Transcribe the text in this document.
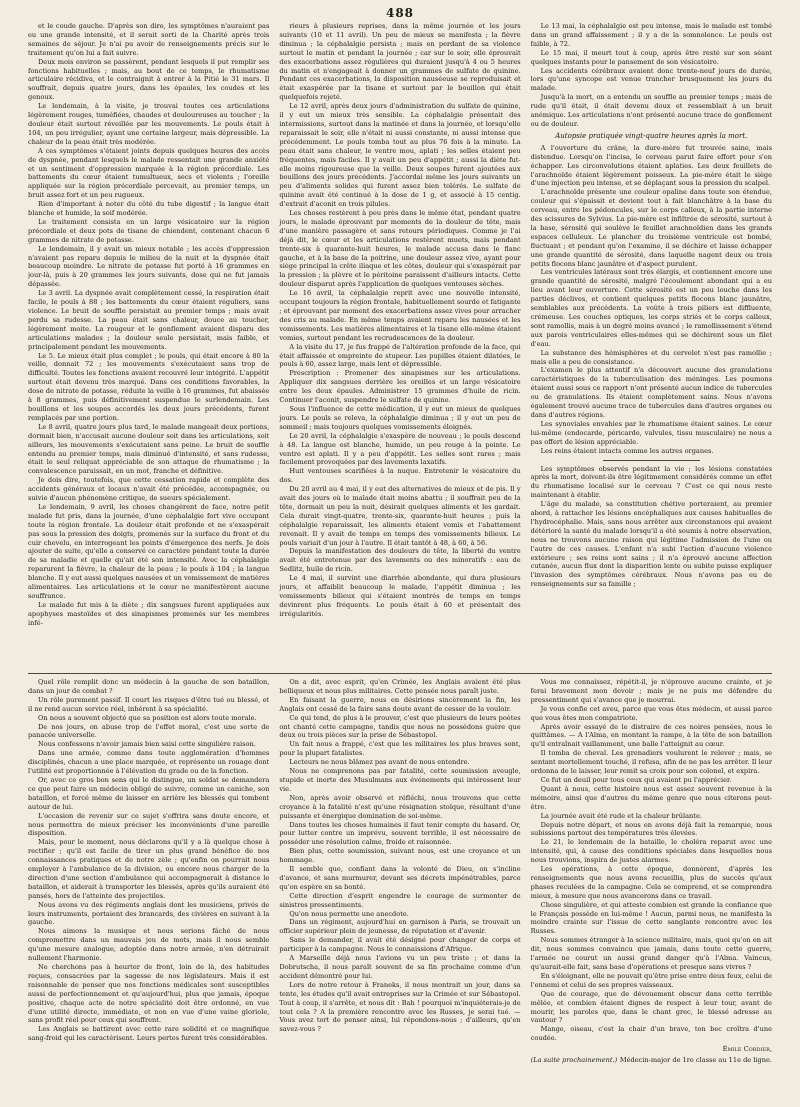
488

et le coude gauche. D'après son dire, les symptômes n'auraient pas eu une grande intensité, et il serait sorti de la Charité après trois semaines de séjour. Je n'ai pu avoir de renseignements précis sur le traitement qu'on lui a fait suivre.

Deux mois environ se passèrent, pendant lesquels il put remplir ses fonctions habituelles ; mais, au bout de ce temps, le rhumatisme articulaire récidiva, et le contraignit à entrer à la Pitié le 31 mars. Il souffrait, depuis quatre jours, dans les épaules, les coudes et les genoux.

Le lendemain, à la visite, je trouvai toutes ces articulations légèrement rouges, tuméfiées, chaudes et douloureuses au toucher ; la douleur était surtout réveillée par les mouvements. Le pouls était à 104, un peu irrégulier, ayant une certaine largeur, mais dépressible. La chaleur de la peau était très modérée.

A ces symptômes s'étaient joints depuis quelques heures des accès de dyspnée, pendant lesquels le malade ressentait une grande anxiété et un sentiment d'oppression marquée à la région précordiale. Les battements du cœur étaient tumultueux, secs et violents ; l'oreille appliquée sur la région précordiale percevait, au premier temps, un bruit assez fort et un peu rugueux.

Rien d'important à noter du côté du tube digestif ; la langue était blanche et humide, la soif modérée.

Le traitement consista en un large vésicatoire sur la région précordiale et deux pots de tisane de chiendent, contenant chacun 6 grammes de nitrate de potasse.

Le lendemain, il y avait un mieux notable ; les accès d'oppression n'avaient pas reparu depuis le milieu de la nuit et la dyspnée était beaucoup moindre. Le nitrate de potasse fut porté à 16 grammes en jour-là, puis à 20 grammes les jours suivants, dose qui ne fut jamais dépassée.

Le 3 avril. La dyspnée avait complètement cessé, la respiration était facile, le pouls à 88 ; les battements du cœur étaient réguliers, sans violence. Le bruit de souffle persistait au premier temps ; mais avait perdu sa rudesse. La peau était sans chaleur, douce au toucher, légèrement moite. La rougeur et le gonflement avaient disparu des articulations malades ; la douleur seule persistait, mais faible, et principalement pendant les mouvements.

Le 5. Le mieux était plus complet ; le pouls, qui était encore à 80 la veille, donnait 72 ; les mouvements s'exécutaient sans trop de difficulté. Toutes les fonctions avaient recouvré leur intégrité. L'appétit surtout était devenu très marqué. Dans ces conditions favorables, la dose de nitrate de potasse, réduite la veille à 16 grammes, fut abaissée à 8 grammes, puis définitivement suspendue le surlendemain. Les bouillons et les soupes accordés les deux jours précédents, furent remplacés par une portion.

Le 8 avril, quatre jours plus tard, le malade mangeait deux portions, dormait bien, n'accusait aucune douleur soit dans les articulations, soit ailleurs, les mouvements s'exécutaient sans peine. Le bruit de souffle entendu au premier temps, mais diminué d'intensité, et sans rudesse, était le seul reliquat appréciable de son attaque de rhumatisme ; la convalescence paraissait, en un mot, franche et définitive.

Je dois dire, toutefois, que cette cessation rapide et complète des accidents généraux et locaux n'avait été précédée, accompagnée, ou suivie d'aucun phénomène critique, de sueurs spécialement.

Le lendemain, 9 avril, les choses changèrent de face, notre petit malade fut pris, dans la journée, d'une céphalalgie fort vive occupant toute la région frontale. La douleur était profonde et ne s'exaspérait pas sous la pression des doigts, promenés sur la surface du front et du cuir chevelu, en interrogeant les points d'émergence des nerfs. Je dois ajouter de suite, qu'elle a conservé ce caractère pendant toute la durée de sa maladie et quelle qu'ait été son intensité. Avec la céphalalgie reparurent la fièvre, la chaleur de la peau ; le pouls à 104 ; la langue blanche. Il y eut aussi quelques nausées et un vomissement de matières alimentaires. Les articulations et le cœur ne manifestèrent aucune souffrance.

Le malade fut mis à la diète ; dix sangsues furent appliquées aux apophyses mastoïdes et des sinapismes promenés sur les membres infé-

rieurs à plusieurs reprises, dans la même journée et les jours suivants (10 et 11 avril). Un peu de mieux se manifesta ; la fièvre diminua ; la céphalalgie persista ; mais en perdant de sa violence surtout le matin et pendant la journée ; car sur le soir, elle éprouvait des exacerbations assez régulières qui duraient jusqu'à 4 ou 5 heures du matin et n'engageait à donner un grammes de sulfate de quinine. Pendant ces exacerbations, la disposition nauséeuse se reproduisait et était exaspérée par la tisane et surtout par le bouillon qui était quelquefois rejeté.

Le 12 avril, après deux jours d'administration du sulfate de quinine, il y eut un mieux très sensible. La céphalalgie présentait des intermissions, surtout dans la matinée et dans la journée, et lorsqu'elle reparaissait le soir, elle n'était ni aussi constante, ni aussi intense que précédemment. Le pouls tomba tout au plus 76 fois à la minute. La peau était sans chaleur, le ventre mou, aplati ; les selles étaient peu fréquentes, mais faciles. Il y avait un peu d'appétit ; aussi la diète fut-elle moins rigoureuse que la veille. Deux soupes furent ajoutées aux bouillons des jours précédents. J'accordai même les jours suivants un peu d'aliments solides qui furent assez bien tolérés. Le sulfate de quinine avait été continué à la dose de 1 g, et associé à 15 centig. d'extrait d'aconit en trois pilules.

Les choses restèrent à peu près dans le même état, pendant quatre jours, le malade éprouvant par moments de la douleur de tête, mais d'une manière passagère et sans retours périodiques. Comme je l'ai déjà dit, le cœur et les articulations restèrent muets, mais pendant trente-six à quarante-huit heures, le malade accusa dans le flanc gauche, et à la base de la poitrine, une douleur assez vive, ayant pour siège principal la crête iliaque et les côtes, douleur qui s'exaspérait par la pression ; la plèvre et le péritoine paraissent d'ailleurs intacts. Cette douleur disparut après l'application de quelques ventouses sèches.

Le 16 avril, la céphalalgie reprit avec une nouvelle intensité, occupant toujours la région frontale, habituellement sourde et fatigante ; et éprouvant par moment des exacerbations assez vives pour arracher des cris au malade. En même temps avaient reparu les nausées et les vomissements. Les matières alimentaires et la tisane elle-même étaient vomies, surtout pendant les recrudescences de la douleur.

A la visite du 17, je fus frappé de l'altération profonde de la face, qui était affaissée et empreinte de stupeur. Les pupilles étaient dilatées, le pouls à 60, assez large, mais lent et dépressible.

Prescription : Promener des sinapismes sur les articulations. Appliquer dix sangsues derrière les oreilles et un large vésicatoire entre les deux épaules. Administrer 15 grammes d'huile de ricin. Continuer l'aconit, suspendre le sulfate de quinine.

Sous l'influence de cette médication, il y eut un mieux de quelques jours. Le pouls se releva, la céphalalgie diminua ; il y eut un peu de sommeil ; mais toujours quelques vomissements éloignés.

Le 20 avril, la céphalalgie s'exaspère de nouveau ; le pouls descend à 48. La langue est blanche, humide, un peu rouge à la pointe. Le ventre est aplati. Il y a peu d'appétit. Les selles sont rares ; mais facilement provoquées par des lavements laxatifs.

Huit ventouses scarifiées à la nuque. Entretenir le vésicatoire du dos.

Du 20 avril au 4 mai, il y eut des alternatives de mieux et de pis. Il y avait des jours où le malade était moins abattu ; il souffrait peu de la tête, dormait un peu la nuit, désirait quelques aliments et les gardait. Cela durait vingt-quatre, trente-six, quarante-huit heures ; puis la céphalalgie reparaissait, les aliments étaient vomis et l'abattement revenait. Il y avait de temps en temps des vomissements bilieux. Le pouls variait d'un jour à l'autre. Il était tantôt à 48, à 60, à 56.

Depuis la manifestation des douleurs de tête, la liberté du ventre avait été entretenue par des lavements ou des minoratifs : eau de Sedlitz, huile de ricin.

Le 4 mai, il survint une diarrhée abondante, qui dura plusieurs jours, et affaiblit beaucoup le malade, l'appétit diminua ; les vomissements bilieux qui s'étaient montrés de temps en temps devinrent plus fréquents. Le pouls était à 60 et présentait des irrégularités.

Le 13 mai, la céphalalgie est peu intense, mais le malade est tombé dans un grand affaissement ; il y a de la somnolence. Le pouls est faible, à 72.

Le 15 mai, il meurt tout à coup, après être resté sur son séant quelques instants pour le pansement de son vésicatoire.

Les accidents cérébraux avaient donc trente-neuf jours de durée, lors qu'une syncope est venue trancher brusquement les jours du malade.

Jusqu'à la mort, on a entendu un souffle au premier temps ; mais de rude qu'il était, il était devenu doux et ressemblait à un bruit anémique. Les articulations n'ont présenté aucune trace de gonflement ou de douleur.

Autopsie pratiquée vingt-quatre heures après la mort.

A l'ouverture du crâne, la dure-mère fut trouvée saine, mais distendue. Lorsqu'on l'incisa, le cerveau parut faire effort pour s'en échapper. Les circonvolutions étaient aplaties. Les deux feuillets de l'arachnoïde étaient légèrement poisseux. La pie-mère était le siège d'une injection peu intense, et se déplaçant sous la pression du scalpel.

L'arachnoïde présente une couleur opaline dans toute son étendue, couleur qui s'épaissit et devient tout à fait blanchâtre à la base du cerveau, entre les pédoncules, sur le corps calleux, à la partie interne des scissures de Sylvius. La pie-mère est infiltrée de sérosité, surtout à la base, sérosité qui soulève le feuillet arachnoïdien dans les grands espaces celluleux. Le plancher du troisième ventricule est bombé, fluctuant ; et pendant qu'on l'examine, il se déchire et laisse échapper une grande quantité de sérosité, dans laquelle nagent deux ou trois petits flocons blanc jaunâtre et d'aspect purulent.

Les ventricules latéraux sont très élargis, et contiennent encore une grande quantité de sérosité, malgré l'écoulement abondant qui a eu lieu avant leur ouverture. Cette sérosité est un peu louche dans les parties déclives, et contient quelques petits flocons blanc jaunâtre, semblables aux précédents. La voûte à trois piliers est diffluente, crémeuse. Les couches optiques, les corps striés et le corps calleux, sont ramollis, mais à un degré moins avancé ; le ramollissement s'étend aux parois ventriculaires elles-mêmes qui se déchirent sous un filet d'eau.

La substance des hémisphères et du cervelet n'est pas ramollie ; mais elle a peu de consistance.

L'examen le plus attentif n'a découvert aucune des granulations caractéristiques de la tuberculisation des méninges. Les poumons étaient aussi sous ce rapport n'ont présenté aucun indice de tubercules ou de granulations. Ils étaient complètement sains. Nous n'avons également trouvé aucune trace de tubercules dans d'autres organes ou dans d'autres régions.

Les synoviales envahies par le rhumatisme étaient saines. Le cœur lui-même (endocarde, péricarde, valvules, tissu musculaire) ne nous a pas offert de lésion appréciable.

Les reins étaient intacts comme les autres organes.

Les symptômes observés pendant la vie ; les lésions constatées après la mort, doivent-ils être légitimement considérés comme un effet du rhumatisme localisé sur le cerveau ? C'est ce qui nous reste maintenant à établir.

L'âge du malade, sa constitution chétive porteraient, au premier abord, à rattacher les lésions encéphaliques aux causes habituelles de l'hydrocéphalie. Mais, sans nous arrêter aux circonstances qui avaient détérioré la santé du malade lorsqu'il a été soumis à notre observation, nous ne trouvons aucune raison qui légitime l'admission de l'une ou l'autre de ces causes. L'enfant n'a subi l'action d'aucune violence extérieure ; ses reins sont sains ; il n'a éprouvé aucune affection cutanée, aucun flux dont la disparition lente ou subite puisse expliquer l'invasion des symptômes cérébraux. Nous n'avons pas eu de renseignements sur sa famille ;

Quel rôle remplit donc un médecin à la gauche de son bataillon, dans un jour de combat ?

Un rôle purement passif. Il court les risques d'être tué ou blessé, et il ne rend aucun service réel, inhérent à sa spécialité.

On nous a souvent objecté que sa position est alors toute morale.

De nos jours, on abuse trop de l'effet moral, c'est une sorte de panacée universelle.

Nous confessons n'avoir jamais bien saisi cette singulière raison.

Dans une armée, comme dans toute agglomération d'hommes disciplinés, chacun a une place marquée, et représente un rouage dont l'utilité est proportionnée à l'élévation du grade ou de la fonction.

Or, avec ce gros bon sens qui le distingue, un soldat se demandera ce que peut faire un médecin obligé de suivre, comme un caniche, son bataillon, et forcé même de laisser en arrière les blessés qui tombent autour de lui.

L'occasion de revenir sur ce sujet s'offrira sans doute encore, et nous permettra de mieux préciser les inconvénients d'une pareille disposition.

Mais, pour le moment, nous déclarons qu'il y a là quelque chose à rectifier ; qu'il est facile de tirer un plus grand bénéfice de nos connaissances pratiques et de notre zèle ; qu'enfin on pourrait nous employer à l'ambulance de la division, ou encore nous charger de la direction d'une section d'ambulance qui accompagnerait à distance le bataillon, et aiderait à transporter les blessés, après qu'ils auraient été pansés, hors de l'atteinte des projectiles.

Nous avons vu des régiments anglais dont les musiciens, privés de leurs instruments, portaient des brancards, des civières en suivant à la gauche.

Nous aimons la musique et nous serions fâché de nous compromettre dans un mauvais jeu de mots, mais il nous semble qu'une mesure analogue, adoptée dans notre armée, n'en détruirait nullement l'harmonie.

Ne cherchons pas à heurter de front, loin de là, des habitudes reçues, consacrées par la sagesse de nos législateurs. Mais il est raisonnable de penser que nos fonctions médicales sont susceptibles aussi de perfectionnement et qu'aujourd'hui, plus que jamais, époque positive, chaque acte de notre spécialité doit être ordonné, en vue d'une utilité directe, immédiate, et non en vue d'une vaine gloriole, sans profit réel pour ceux qui souffrent.

Les Anglais se battirent avec cette rare solidité et ce magnifique sang-froid qui les caractérisent. Leurs pertes furent très considérables.

On a dit, avec esprit, qu'en Crimée, les Anglais avaient été plus belliqueux et nous plus militaires. Cette pensée nous paraît juste.

En faisant la guerre, nous en désirions sincèrement la fin, les Anglais ont cessé de la faire sans doute avant de cesser de la vouloir.

Ce qui tend, de plus à le prouver, c'est que plusieurs de leurs poètes ont chanté cette campagne, tandis que nous ne possédons guère que deux ou trois pièces sur la prise de Sébastopol.

Un fait nous a frappé, c'est que les militaires les plus braves sont, pour la plupart fatalistes.

Lecteurs ne nous blâmez pas avant de nous entendre.

Nous ne comprenons pas par fatalité, cette soumission aveugle, stupide et inerte des Musulmans aux événements qui intéressent leur vie.

Non, après avoir observé et réfléchi, nous trouvons que cette croyance à la fatalité n'est qu'une résignation stoïque, résultant d'une puissante et énergique domination de soi-même.

Dans toutes les choses humaines il faut tenir compte du hasard. Or, pour lutter contre un imprévu, souvent terrible, il est nécessaire de posséder une résolution calme, froide et raisonnée.

Bien plus, cette soumission, suivant nous, est une croyance et un hommage.

Il semble que, confiant dans la volonté de Dieu, on s'incline d'avance, et sans murmurer, devant ses décrets impénétrables, parce qu'on espère en sa bonté.

Cette direction d'esprit engendre le courage de surmonter de sinistres pressentiments.

Qu'on nous permette une anecdote.

Dans un régiment, aujourd'hui en garnison à Paris, se trouvait un officier supérieur plein de jeunesse, de réputation et d'avenir.

Sans le demander, il avait été désigné pour changer de corps et participer à la campagne. Nous le connaissions d'Afrique.

A Marseille déjà nous l'avions vu un peu triste ; et dans la Dobrutscha, il nous paraît souvent de sa fin prochaine comme d'un accident démontré pour lui.

Lors de notre retour à Franeks, il nous montrait un jour, dans sa tente, les études qu'il avait entreprises sur la Crimée et sur Sébastopol. Tout à coup, il s'arrête, et nous dit : Bah ! pourquoi m'inquiéterais-je de tout cela ? A la première rencontre avec les Russes, je serai tué. — Vous avez tort de penser ainsi, lui répondons-nous ; d'ailleurs, qu'en savez-vous ?

Vous me connaissez, répétit-il, je n'éprouve aucune crainte, et je ferai bravement mon devoir ; mais je ne puis me défendre du pressentiment qui s'avance que je mourrai.

Je vous confie cet aveu, parce que vous êtes médecin, et aussi parce que vous êtes mon compatriote.

Après avoir essayé de le distraire de ces noires pensées, nous le quittâmes. — A l'Alma, en montant la rampe, à la tête de son bataillon qu'il entraînait vaillamment, une balle l'atteignit au cœur.

Il tomba de cheval. Les grenadiers voulurent le relever ; mais, se sentant mortellement touché, il refusa, afin de ne pas les arrêter. Il leur ordonna de le laisser, leur remit sa croix pour son colonel, et expira.

Ce fut un deuil pour tous ceux qui avaient pu l'apprécier.

Quant à nous, cette histoire nous est assez souvent revenue à la mémoire, ainsi que d'autres du même genre que nous citerons peut-être.

La journée avait été rude et la chaleur brûlante.

Depuis notre départ, et nous en avons déjà fait la remarque, nous subissions partout des températures très élevées.

Le 21, le lendemain de la bataille, le choléra reparut avec une intensité, qui, à cause des conditions spéciales dans lesquelles nous nous trouvions, inspira de justes alarmes.

Les opérations, à cette époque, donnèrent, d'après les renseignements que nous avons recueillis, plus de succès qu'aux phases reculées de la campagne. Cela se comprend, et se comprendra mieux, à mesure que nous avancerons dans ce travail.

Chose singulière, et qui atteste combien est grande la confiance que le Français possède en lui-même ! Aucun, parmi nous, ne manifesta la moindre crainte sur l'issue de cette sanglante rencontre avec les Russes.

Nous sommes étranger à la science militaire, mais, quoi qu'on en ait dit, nous sommes convaincu que jamais, dans toute cette guerre, l'armée ne courut un aussi grand danger qu'à l'Alma. Vaincus, qu'aurait-elle fait, sans base d'opérations et presque sans vivres ?

En s'éloignant, elle ne pouvait qu'être prise entre deux feux, celui de l'ennemi et celui de ses propres vaisseaux.

Que de courage, que de dévouement obscur dans cette terrible mêlée, et combien étaient dignes de respect à leur tour, avant de mourir, les paroles que, dans le chant grec, le blessé adresse au vautour ?

Mange, oiseau, c'est la chair d'un brave, ton bec croîtra d'une coudée.

Émile Cordier,
(La suite prochainement.) Médecin-major de 1re classe au 11e de ligne.
